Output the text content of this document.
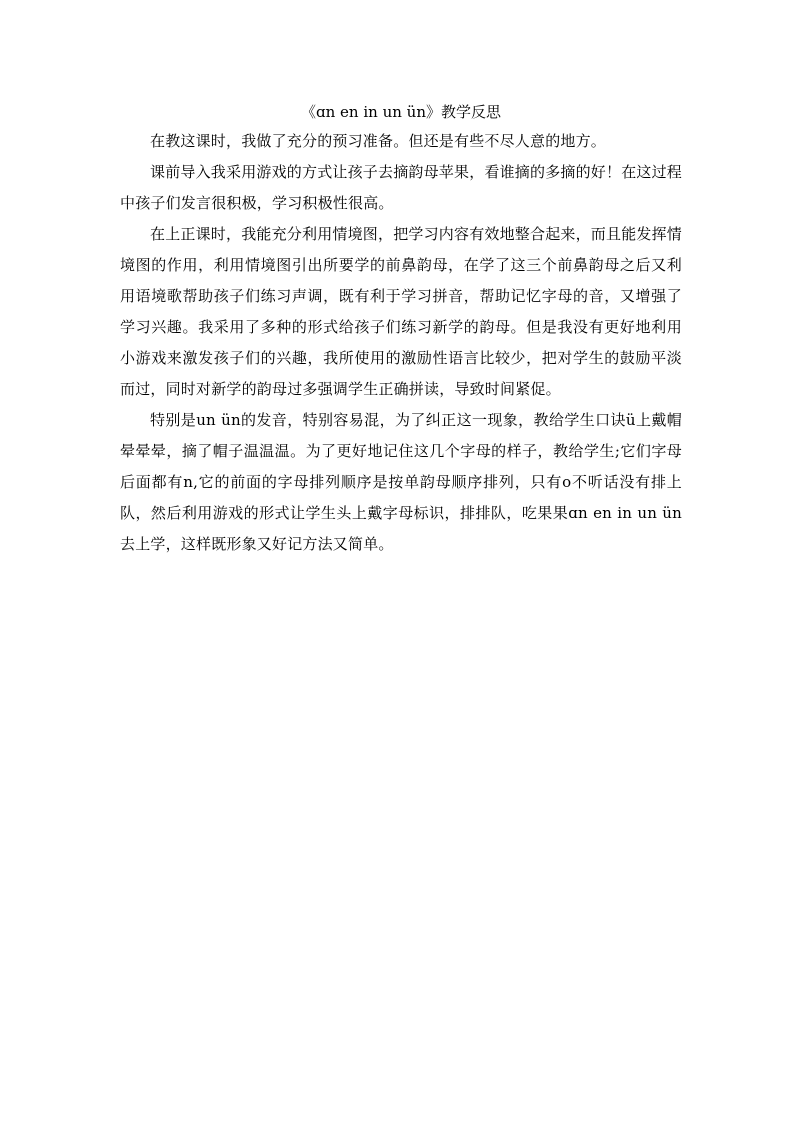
《ɑn en in un ün》教学反思

在教这课时，我做了充分的预习准备。但还是有些不尽人意的地方。

课前导入我采用游戏的方式让孩子去摘韵母苹果，看谁摘的多摘的好！在这过程中孩子们发言很积极，学习积极性很高。

在上正课时，我能充分利用情境图，把学习内容有效地整合起来，而且能发挥情境图的作用，利用情境图引出所要学的前鼻韵母，在学了这三个前鼻韵母之后又利用语境歌帮助孩子们练习声调，既有利于学习拼音，帮助记忆字母的音，又增强了学习兴趣。我采用了多种的形式给孩子们练习新学的韵母。但是我没有更好地利用小游戏来激发孩子们的兴趣，我所使用的激励性语言比较少，把对学生的鼓励平淡而过，同时对新学的韵母过多强调学生正确拼读，导致时间紧促。

特别是un ün的发音，特别容易混，为了纠正这一现象，教给学生口诀ü上戴帽晕晕晕，摘了帽子温温温。为了更好地记住这几个字母的样子，教给学生;它们字母后面都有n,它的前面的字母排列顺序是按单韵母顺序排列，只有o不听话没有排上队，然后利用游戏的形式让学生头上戴字母标识，排排队，吃果果ɑn en in un ün去上学，这样既形象又好记方法又简单。
